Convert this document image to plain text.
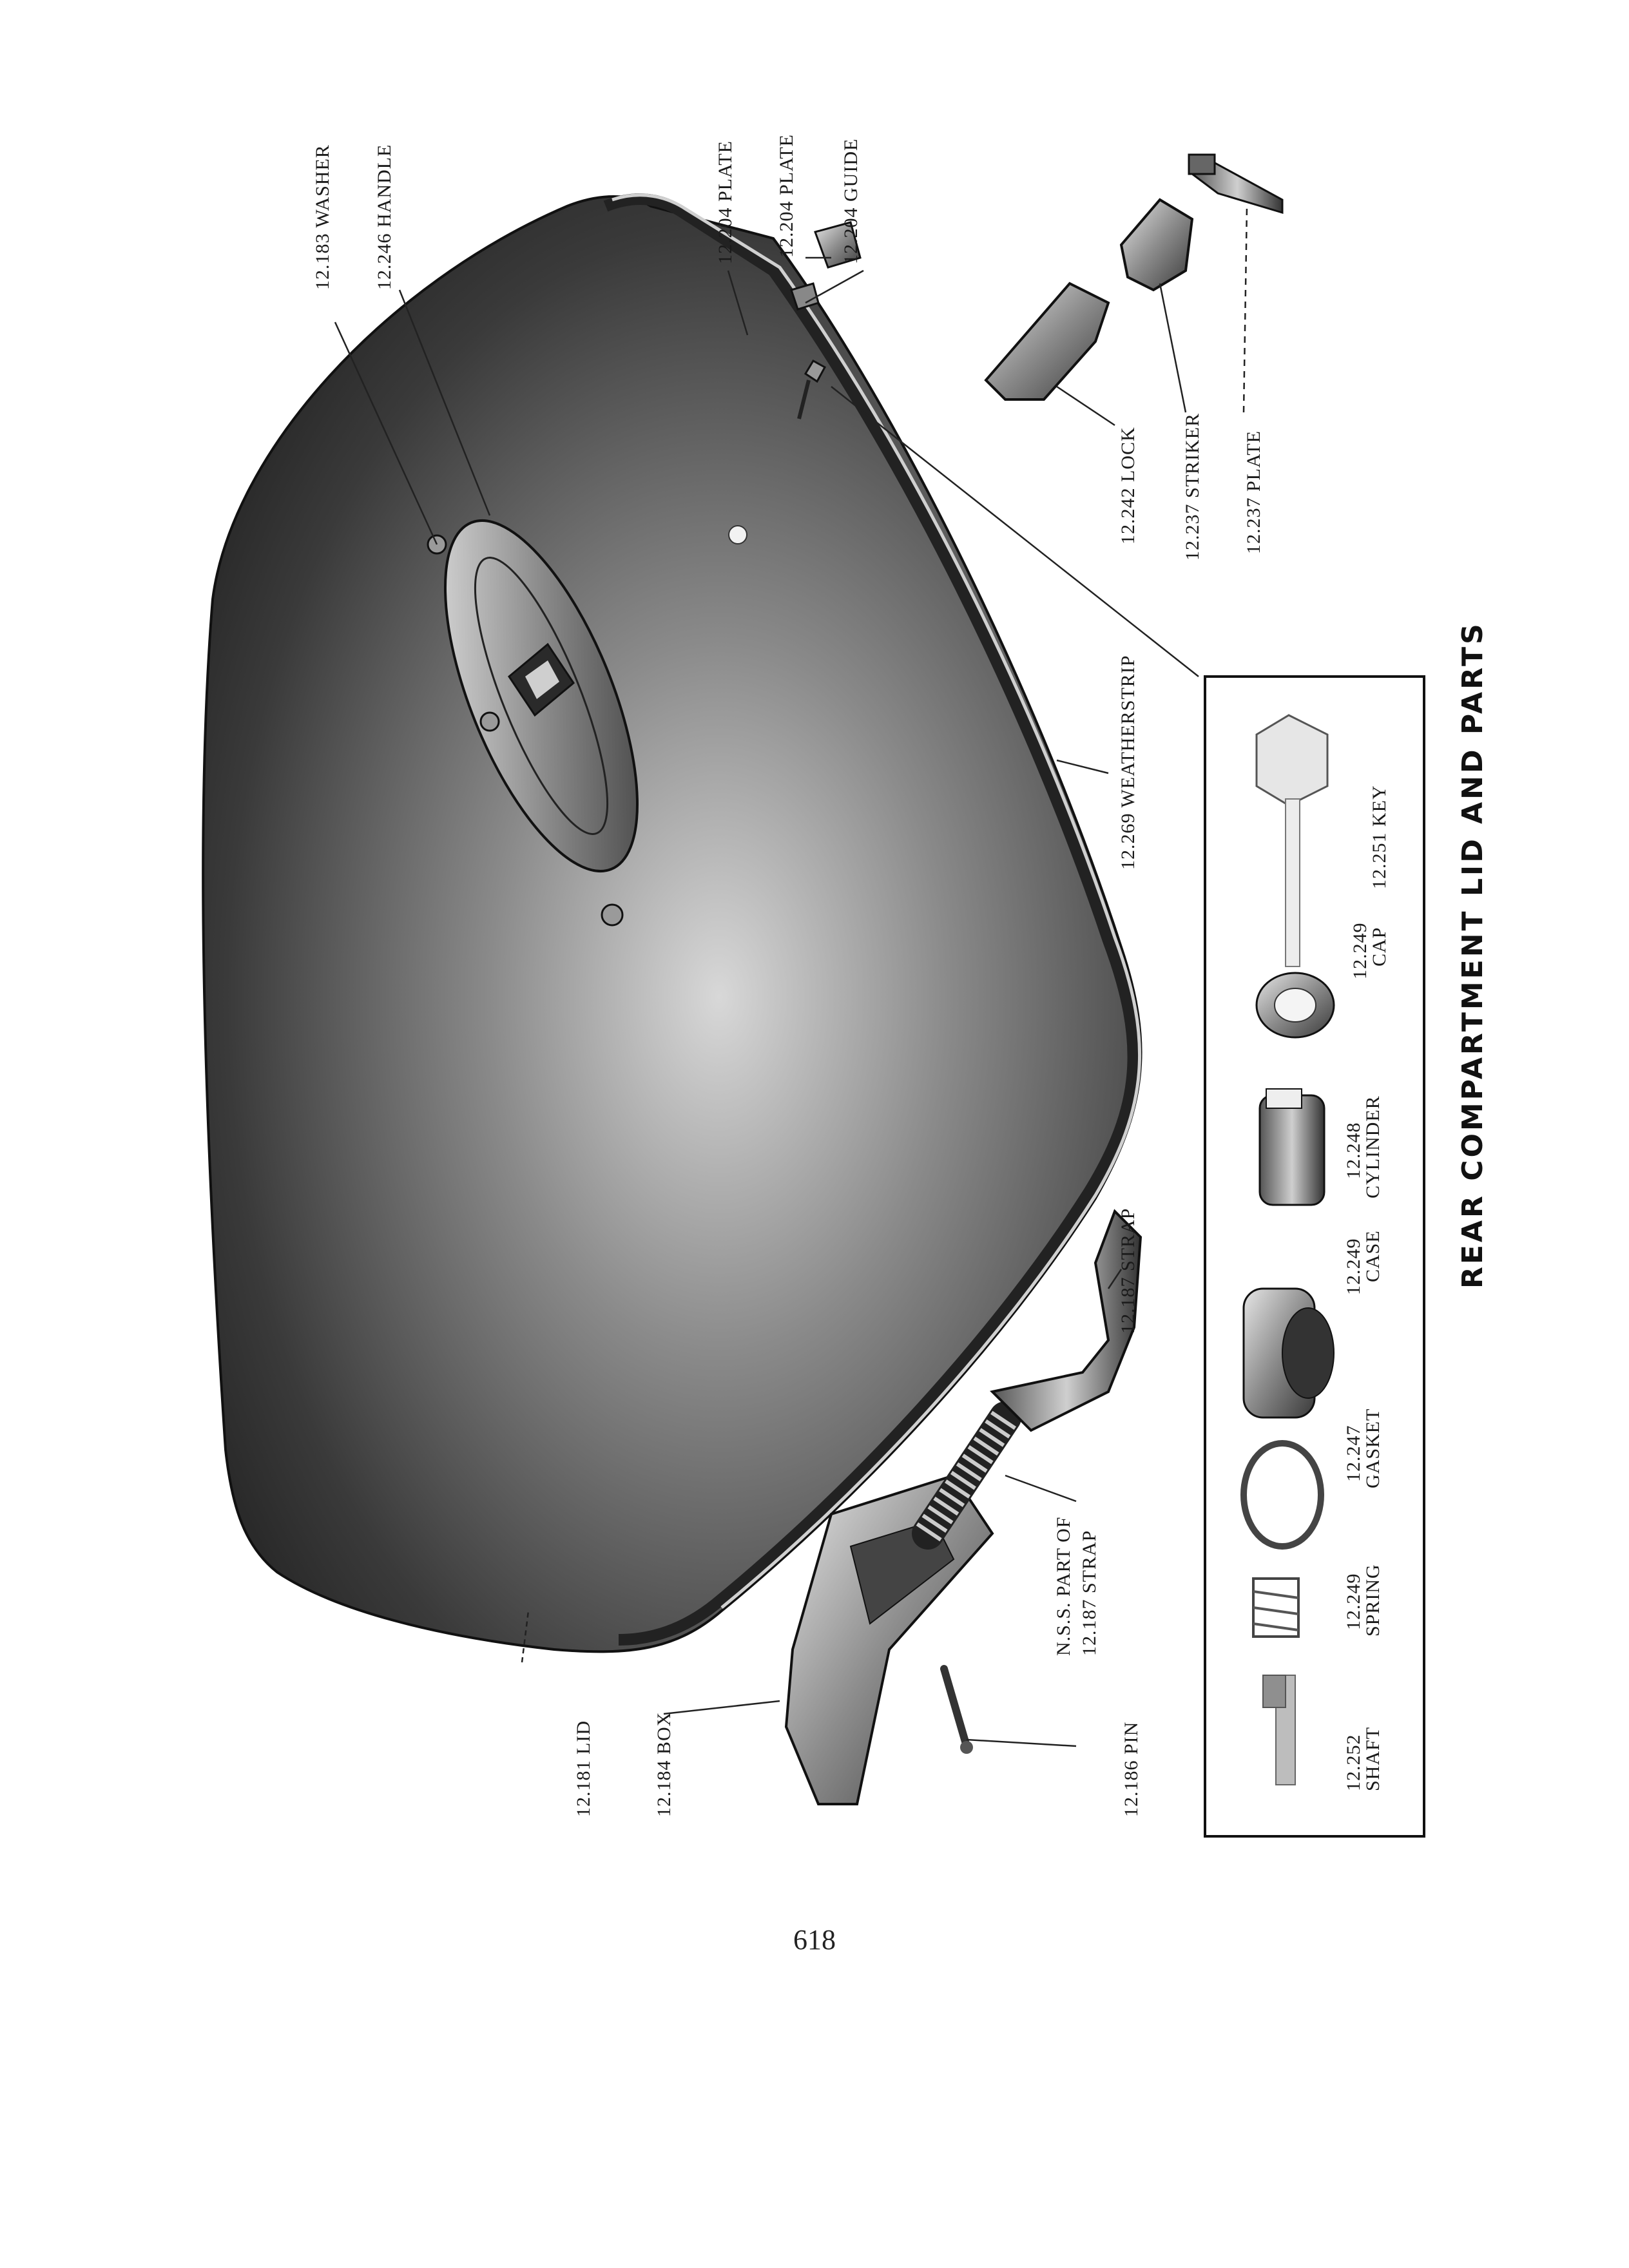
12.183 WASHER 12.246 HANDLE	12.204 PLATE 12.204 PLATE 12.204 GUIDE
12.242 LOCK 12.237 STRIKER 12.237 PLATE
12.269 WEATHERSTRIP
12.187 STRAP
N.S.S. PART OF 12.187 STRAP
12.181 LID	12.184 BOX	12.186 PIN
12.251 KEY
12.249
CAP
12.248
CYLINDER
12.249
CASE
12.247
GASKET
12.249
SPRING
12.252
SHAFT
REAR COMPARTMENT LID AND PARTS
618
